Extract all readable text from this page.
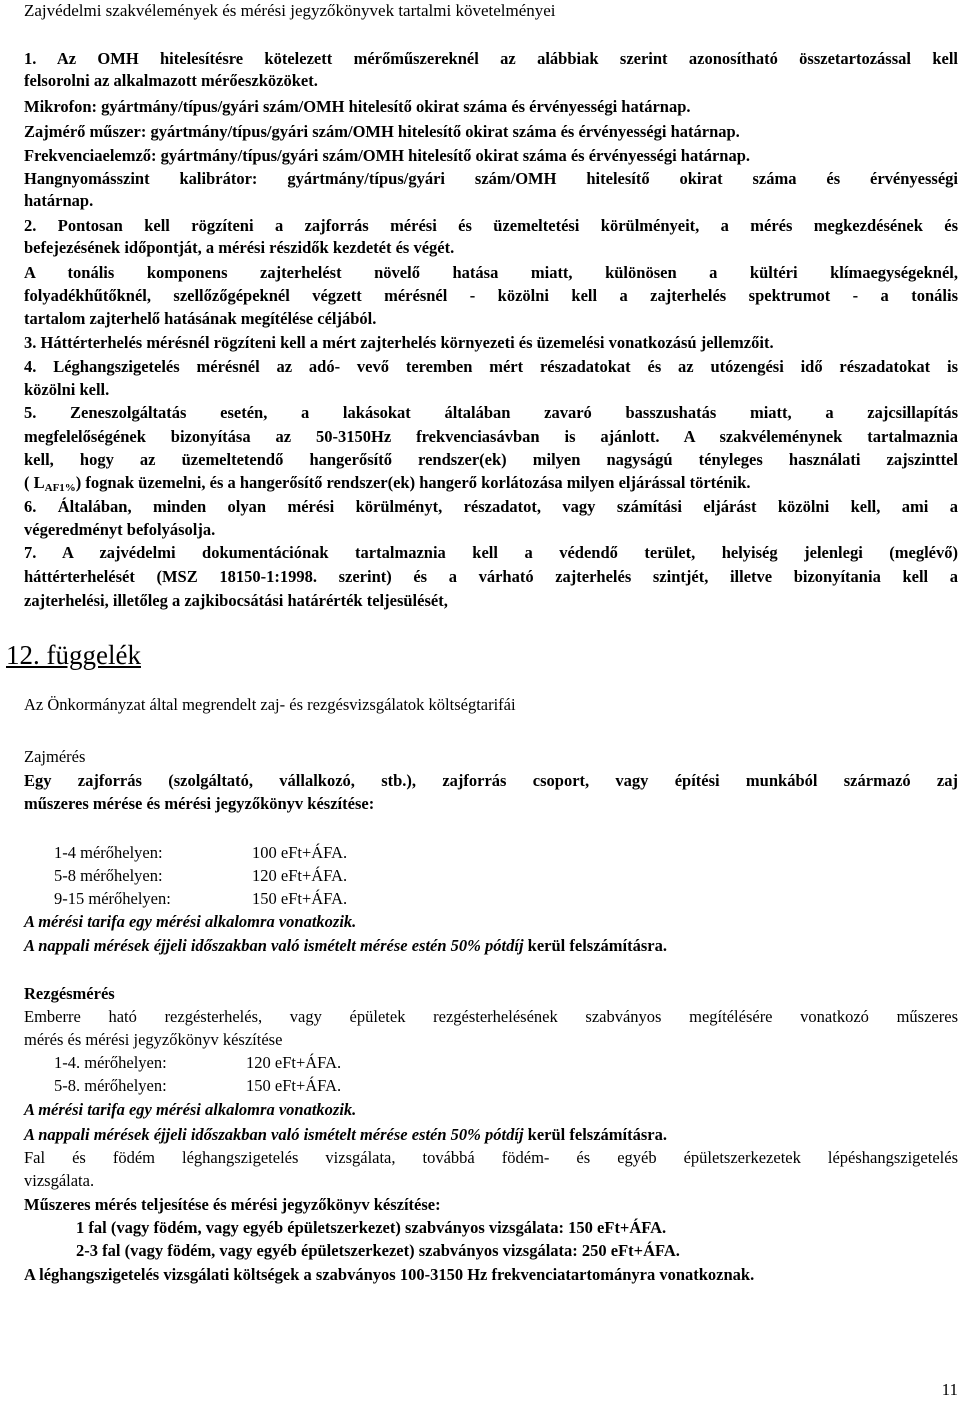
Zajvédelmi szakvélemények és mérési jegyzőkönyvek tartalmi követelményei
1. Az OMH hitelesítésre kötelezett mérőműszereknél az alábbiak szerint azonosítható összetartozással kell
felsorolni az alkalmazott mérőeszközöket.
Mikrofon: gyártmány/típus/gyári szám/OMH hitelesítő okirat száma és érvényességi határnap.
Zajmérő műszer: gyártmány/típus/gyári szám/OMH hitelesítő okirat száma és érvényességi határnap.
Frekvenciaelemző: gyártmány/típus/gyári szám/OMH hitelesítő okirat száma és érvényességi határnap.
Hangnyomásszint kalibrátor: gyártmány/típus/gyári szám/OMH hitelesítő okirat száma és érvényességi
határnap.
2. Pontosan kell rögzíteni a zajforrás mérési és üzemeltetési körülményeit, a mérés megkezdésének és
befejezésének időpontját, a mérési részidők kezdetét és végét.
A tonális komponens zajterhelést növelő hatása miatt, különösen a kültéri klímaegységeknél,
folyadékhűtőknél, szellőzőgépeknél végzett mérésnél - közölni kell a zajterhelés spektrumot - a tonális
tartalom zajterhelő hatásának megítélése céljából.
3. Háttérterhelés mérésnél rögzíteni kell a mért zajterhelés környezeti és üzemelési vonatkozású jellemzőit.
4. Léghangszigetelés mérésnél az adó- vevő teremben mért részadatokat és az utózengési idő részadatokat is
közölni kell.
5. Zeneszolgáltatás esetén, a lakásokat általában zavaró basszushatás miatt, a zajcsillapítás
megfelelőségének bizonyítása az 50-3150Hz frekvenciasávban is ajánlott. A szakvéleménynek tartalmaznia
kell, hogy az üzemeltetendő hangerősítő rendszer(ek) milyen nagyságú tényleges használati zajszinttel
( $L_{AF1\%}$) fognak üzemelni, és a hangerősítő rendszer(ek) hangerő korlátozása milyen eljárással történik.
6. Általában, minden olyan mérési körülményt, részadatot, vagy számítási eljárást közölni kell, ami a
végeredményt befolyásolja.
7. A zajvédelmi dokumentációnak tartalmaznia kell a védendő terület, helyiség jelenlegi (meglévő)
háttérterhelését (MSZ 18150-1:1998. szerint) és a várható zajterhelés szintjét, illetve bizonyítania kell a
zajterhelési, illetőleg a zajkibocsátási határérték teljesülését,
12. függelék
Az Önkormányzat által megrendelt zaj- és rezgésvizsgálatok költségtarifái
Zajmérés
Egy zajforrás (szolgáltató, vállalkozó, stb.), zajforrás csoport, vagy építési munkából származó zaj
műszeres mérése és mérési jegyzőkönyv készítése:
1-4 mérőhelyen:	100 eFt+ÁFA.
5-8 mérőhelyen:	120 eFt+ÁFA.
9-15 mérőhelyen:	150 eFt+ÁFA.
A mérési tarifa egy mérési alkalomra vonatkozik.
A nappali mérések éjjeli időszakban való ismételt mérése estén 50% pótdíj kerül felszámításra.
Rezgésmérés
Emberre ható rezgésterhelés, vagy épületek rezgésterhelésének szabványos megítélésére vonatkozó műszeres
mérés és mérési jegyzőkönyv készítése
1-4. mérőhelyen:	120 eFt+ÁFA.
5-8. mérőhelyen:	150 eFt+ÁFA.
A mérési tarifa egy mérési alkalomra vonatkozik.
A nappali mérések éjjeli időszakban való ismételt mérése estén 50% pótdíj kerül felszámításra.
Fal és födém léghangszigetelés vizsgálata, továbbá födém- és egyéb épületszerkezetek lépéshangszigetelés
vizsgálata.
Műszeres mérés teljesítése és mérési jegyzőkönyv készítése:
1 fal (vagy födém, vagy egyéb épületszerkezet) szabványos vizsgálata: 150 eFt+ÁFA.
2-3 fal (vagy födém, vagy egyéb épületszerkezet) szabványos vizsgálata: 250 eFt+ÁFA.
A léghangszigetelés vizsgálati költségek a szabványos 100-3150 Hz frekvenciatartományra vonatkoznak.
11
